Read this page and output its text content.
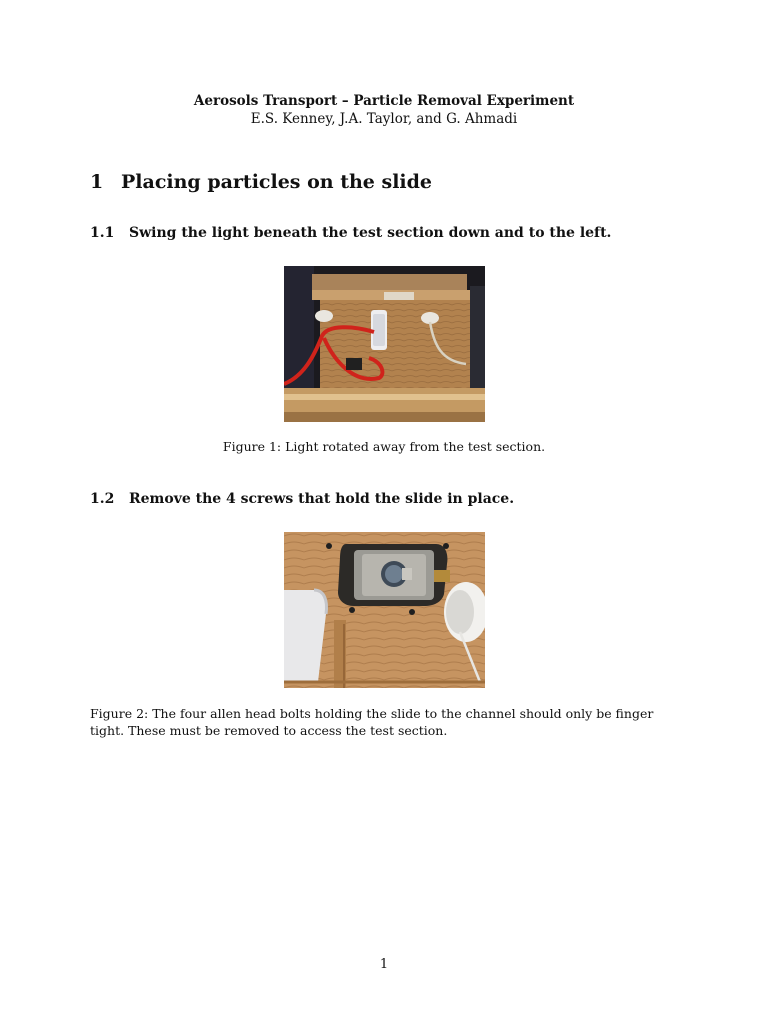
Aerosols Transport – Particle Removal Experiment
E.S. Kenney, J.A. Taylor, and G. Ahmadi
1 Placing particles on the slide
1.1 Swing the light beneath the test section down and to the left.
Figure 1: Light rotated away from the test section.
1.2 Remove the 4 screws that hold the slide in place.
Figure 2: The four allen head bolts holding the slide to the channel should only be finger tight. These must be removed to access the test section.
1
